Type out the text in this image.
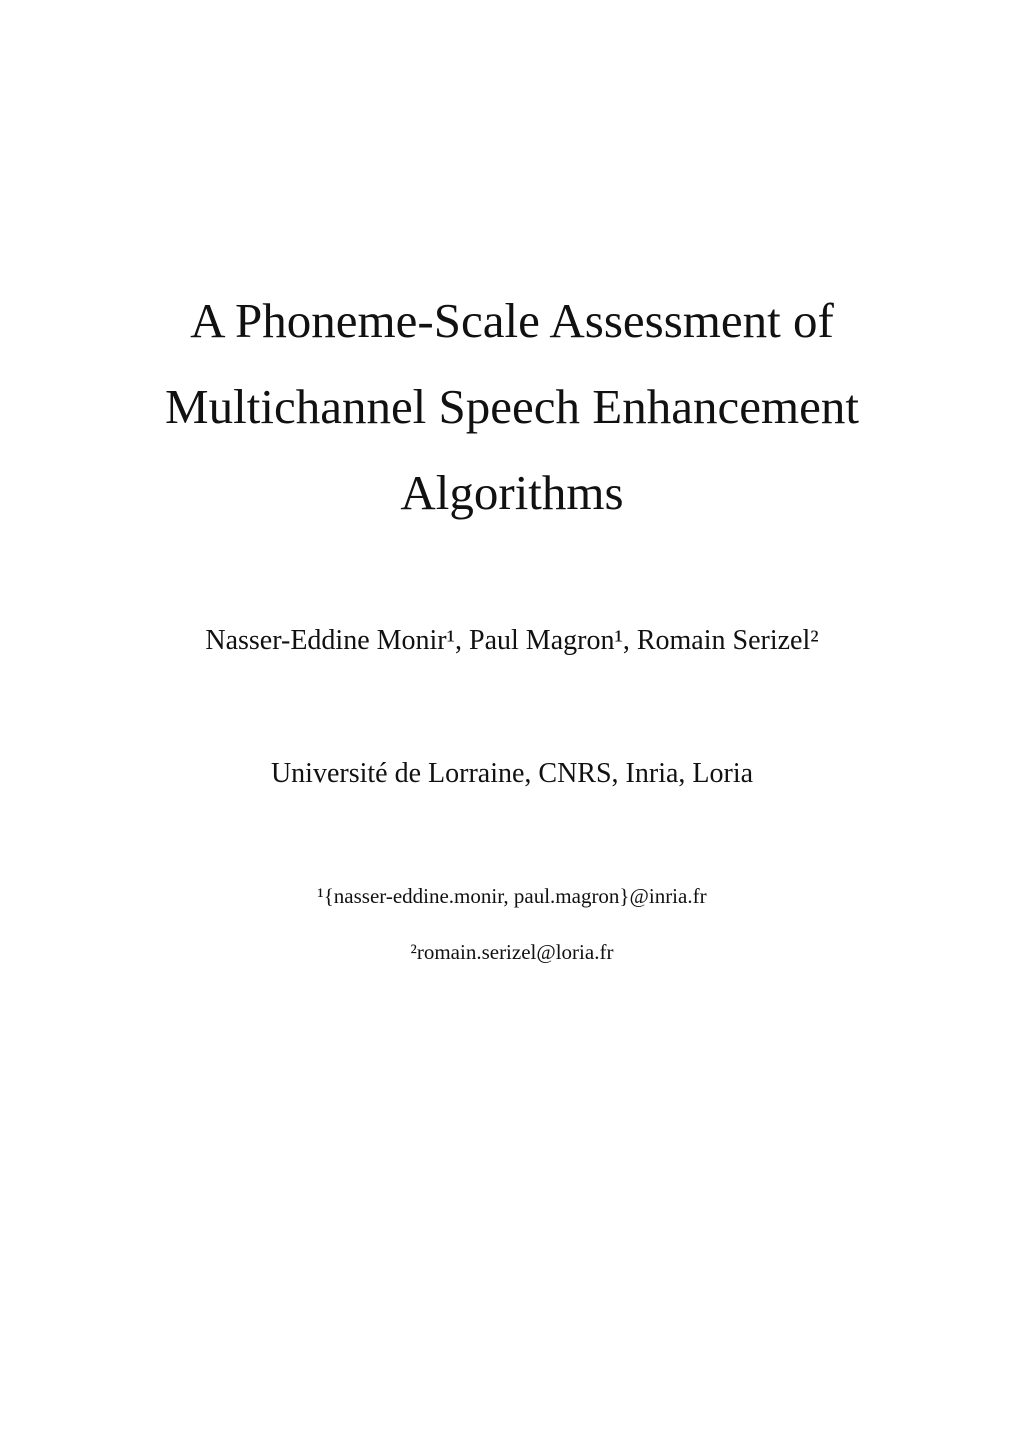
A Phoneme-Scale Assessment of
Multichannel Speech Enhancement
Algorithms
Nasser-Eddine Monir¹, Paul Magron¹, Romain Serizel²
Université de Lorraine, CNRS, Inria, Loria
¹{nasser-eddine.monir, paul.magron}@inria.fr
²romain.serizel@loria.fr
